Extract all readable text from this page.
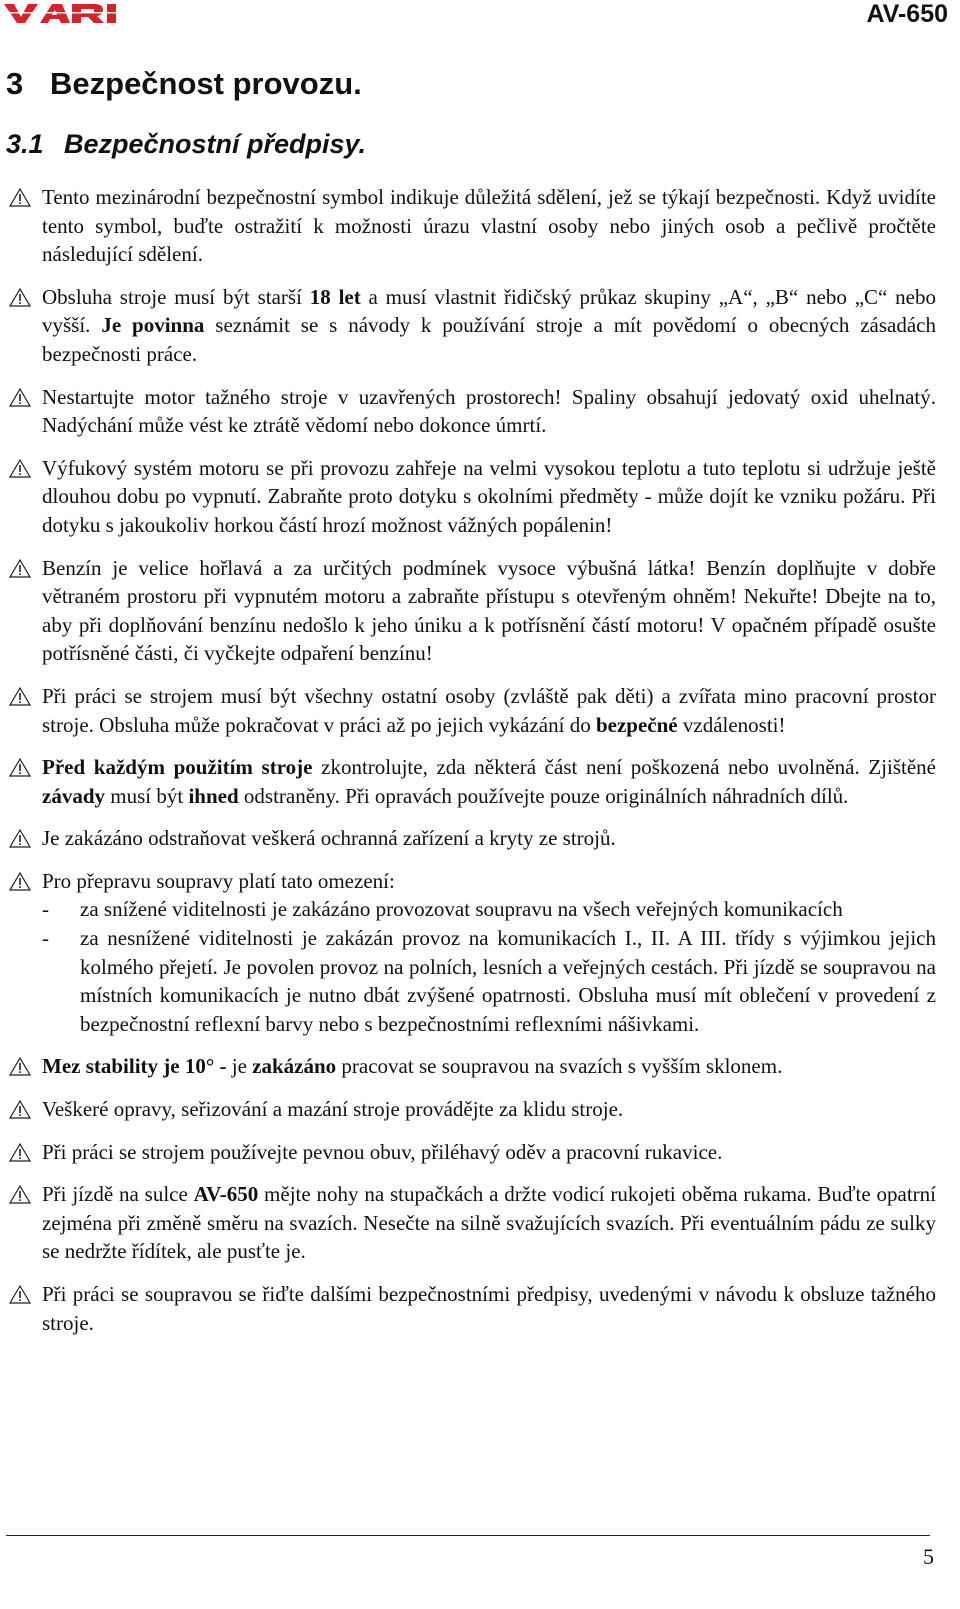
AV-650
3 Bezpečnost provozu.
3.1 Bezpečnostní předpisy.
Tento mezinárodní bezpečnostní symbol indikuje důležitá sdělení, jež se týkají bezpečnosti. Když uvidíte tento symbol, buďte ostražití k možnosti úrazu vlastní osoby nebo jiných osob a pečlivě pročtěte následující sdělení.
Obsluha stroje musí být starší 18 let a musí vlastnit řidičský průkaz skupiny „A“, „B“ nebo „C“ nebo vyšší. Je povinna seznámit se s návody k používání stroje a mít povědomí o obecných zásadách bezpečnosti práce.
Nestartujte motor tažného stroje v uzavřených prostorech! Spaliny obsahují jedovatý oxid uhelnatý. Nadýchání může vést ke ztrátě vědomí nebo dokonce úmrtí.
Výfukový systém motoru se při provozu zahřeje na velmi vysokou teplotu a tuto teplotu si udržuje ještě dlouhou dobu po vypnutí. Zabraňte proto dotyku s okolními předměty - může dojít ke vzniku požáru. Při dotyku s jakoukoliv horkou částí hrozí možnost vážných popálenin!
Benzín je velice hořlavá a za určitých podmínek vysoce výbušná látka! Benzín doplňujte v dobře větraném prostoru při vypnutém motoru a zabraňte přístupu s otevřeným ohněm! Nekuřte! Dbejte na to, aby při doplňování benzínu nedošlo k jeho úniku a k potřísnění částí motoru! V opačném případě osušte potřísněné části, či vyčkejte odpaření benzínu!
Při práci se strojem musí být všechny ostatní osoby (zvláště pak děti) a zvířata mino pracovní prostor stroje. Obsluha může pokračovat v práci až po jejich vykázání do bezpečné vzdálenosti!
Před každým použitím stroje zkontrolujte, zda některá část není poškozená nebo uvolněná. Zjištěné závady musí být ihned odstraněny. Při opravách používejte pouze originálních náhradních dílů.
Je zakázáno odstraňovat veškerá ochranná zařízení a kryty ze strojů.
Pro přepravu soupravy platí tato omezení:
- za snížené viditelnosti je zakázáno provozovat soupravu na všech veřejných komunikacích
- za nesnížené viditelnosti je zakázán provoz na komunikacích I., II. A III. třídy s výjimkou jejich kolmého přejetí. Je povolen provoz na polních, lesních a veřejných cestách. Při jízdě se soupravou na místních komunikacích je nutno dbát zvýšené opatrnosti. Obsluha musí mít oblečení v provedení z bezpečnostní reflexní barvy nebo s bezpečnostními reflexními nášivkami.
Mez stability je 10° - je zakázáno pracovat se soupravou na svazích s vyšším sklonem.
Veškeré opravy, seřizování a mazání stroje provádějte za klidu stroje.
Při práci se strojem používejte pevnou obuv, přiléhavý oděv a pracovní rukavice.
Při jízdě na sulce AV-650 mějte nohy na stupačkách a držte vodicí rukojeti oběma rukama. Buďte opatrní zejména při změně směru na svazích. Nesečte na silně svažujících svazích. Při eventuálním pádu ze sulky se nedržte řídítek, ale pusťte je.
Při práci se soupravou se řiďte dalšími bezpečnostními předpisy, uvedenými v návodu k obsluze tažného stroje.
5
